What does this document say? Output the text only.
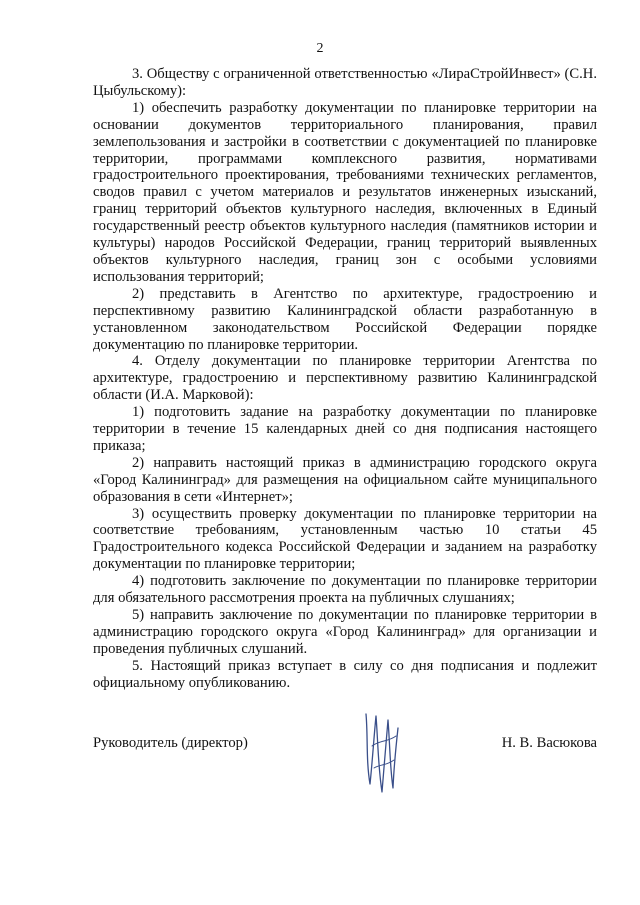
2

3. Обществу с ограниченной ответственностью «ЛираСтройИнвест» (С.Н. Цыбульскому):

1) обеспечить разработку документации по планировке территории на основании документов территориального планирования, правил землепользования и застройки в соответствии с документацией по планировке территории, программами комплексного развития, нормативами градостроительного проектирования, требованиями технических регламентов, сводов правил с учетом материалов и результатов инженерных изысканий, границ территорий объектов культурного наследия, включенных в Единый государственный реестр объектов культурного наследия (памятников истории и культуры) народов Российской Федерации, границ территорий выявленных объектов культурного наследия, границ зон с особыми условиями использования территорий;

2) представить в Агентство по архитектуре, градостроению и перспективному развитию Калининградской области разработанную в установленном законодательством Российской Федерации порядке документацию по планировке территории.

4. Отделу документации по планировке территории Агентства по архитектуре, градостроению и перспективному развитию Калининградской области (И.А. Марковой):

1) подготовить задание на разработку документации по планировке территории в течение 15 календарных дней со дня подписания настоящего приказа;

2) направить настоящий приказ в администрацию городского округа «Город Калининград» для размещения на официальном сайте муниципального образования в сети «Интернет»;

3) осуществить проверку документации по планировке территории на соответствие требованиям, установленным частью 10 статьи 45 Градостроительного кодекса Российской Федерации и заданием на разработку документации по планировке территории;

4) подготовить заключение по документации по планировке территории для обязательного рассмотрения проекта на публичных слушаниях;

5) направить заключение по документации по планировке территории в администрацию городского округа «Город Калининград» для организации и проведения публичных слушаний.

5. Настоящий приказ вступает в силу со дня подписания и подлежит официальному опубликованию.

Руководитель (директор)	Н. В. Васюкова
